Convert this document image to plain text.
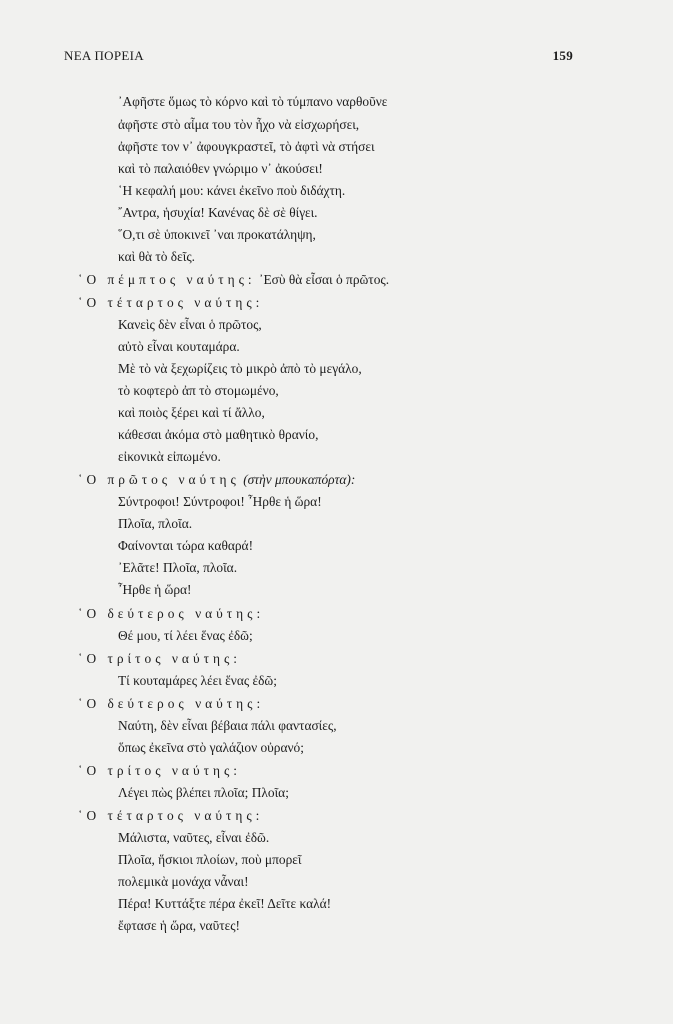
ΝΕΑ ΠΟΡΕΙΑ	159
᾿Αφῆστε ὅμως τὸ κόρνο καὶ τὸ τύμπανο ναρθοῦνε
ἀφῆστε στὸ αἷμα του τὸν ἦχο νὰ εἰσχωρήσει,
ἀφῆστε τον ν᾿ ἀφουγκραστεῖ, τὸ ἀφτὶ νὰ στήσει
καὶ τὸ παλαιόθεν γνώριμο ν᾿ ἀκούσει!
῾Η κεφαλή μου: κάνει ἐκεῖνο ποὺ διδάχτη.
῎Αντρα, ἡσυχία! Κανένας δὲ σὲ θίγει.
῞Ο,τι σὲ ὑποκινεῖ ᾿ναι προκατάληψη,
καὶ θὰ τὸ δεῖς.
῾Ο πέμπτος ναύτης: ᾿Εσὺ θὰ εἶσαι ὁ πρῶτος.
῾Ο τέταρτος ναύτης:
Κανεὶς δὲν εἶναι ὁ πρῶτος,
αὐτὸ εἶναι κουταμάρα.
Μὲ τὸ νὰ ξεχωρίζεις τὸ μικρὸ ἀπὸ τὸ μεγάλο,
τὸ κοφτερὸ ἀπ τὸ στομωμένο,
καὶ ποιὸς ξέρει καὶ τί ἄλλο,
κάθεσαι ἀκόμα στὸ μαθητικὸ θρανίο,
εἰκονικὰ εἰπωμένο.
῾Ο πρῶτος ναύτης (στὴν μπουκαπόρτα):
Σύντροφοι! Σύντροφοι! ῏Ηρθε ἡ ὥρα!
Πλοῖα, πλοῖα.
Φαίνονται τώρα καθαρά!
᾿Ελᾶτε! Πλοῖα, πλοῖα.
῏Ηρθε ἡ ὥρα!
῾Ο δεύτερος ναύτης:
Θέ μου, τί λέει ἕνας ἐδῶ;
῾Ο τρίτος ναύτης:
Τί κουταμάρες λέει ἕνας ἐδῶ;
῾Ο δεύτερος ναύτης:
Ναύτη, δὲν εἶναι βέβαια πάλι φαντασίες,
ὅπως ἐκεῖνα στὸ γαλάζιον οὐρανό;
῾Ο τρίτος ναύτης:
Λέγει πὼς βλέπει πλοῖα; Πλοῖα;
῾Ο τέταρτος ναύτης:
Μάλιστα, ναῦτες, εἶναι ἐδῶ.
Πλοῖα, ἥσκιοι πλοίων, ποὺ μπορεῖ
πολεμικὰ μονάχα νἆναι!
Πέρα! Κυττάξτε πέρα ἐκεῖ! Δεῖτε καλά!
ἔφτασε ἡ ὥρα, ναῦτες!
